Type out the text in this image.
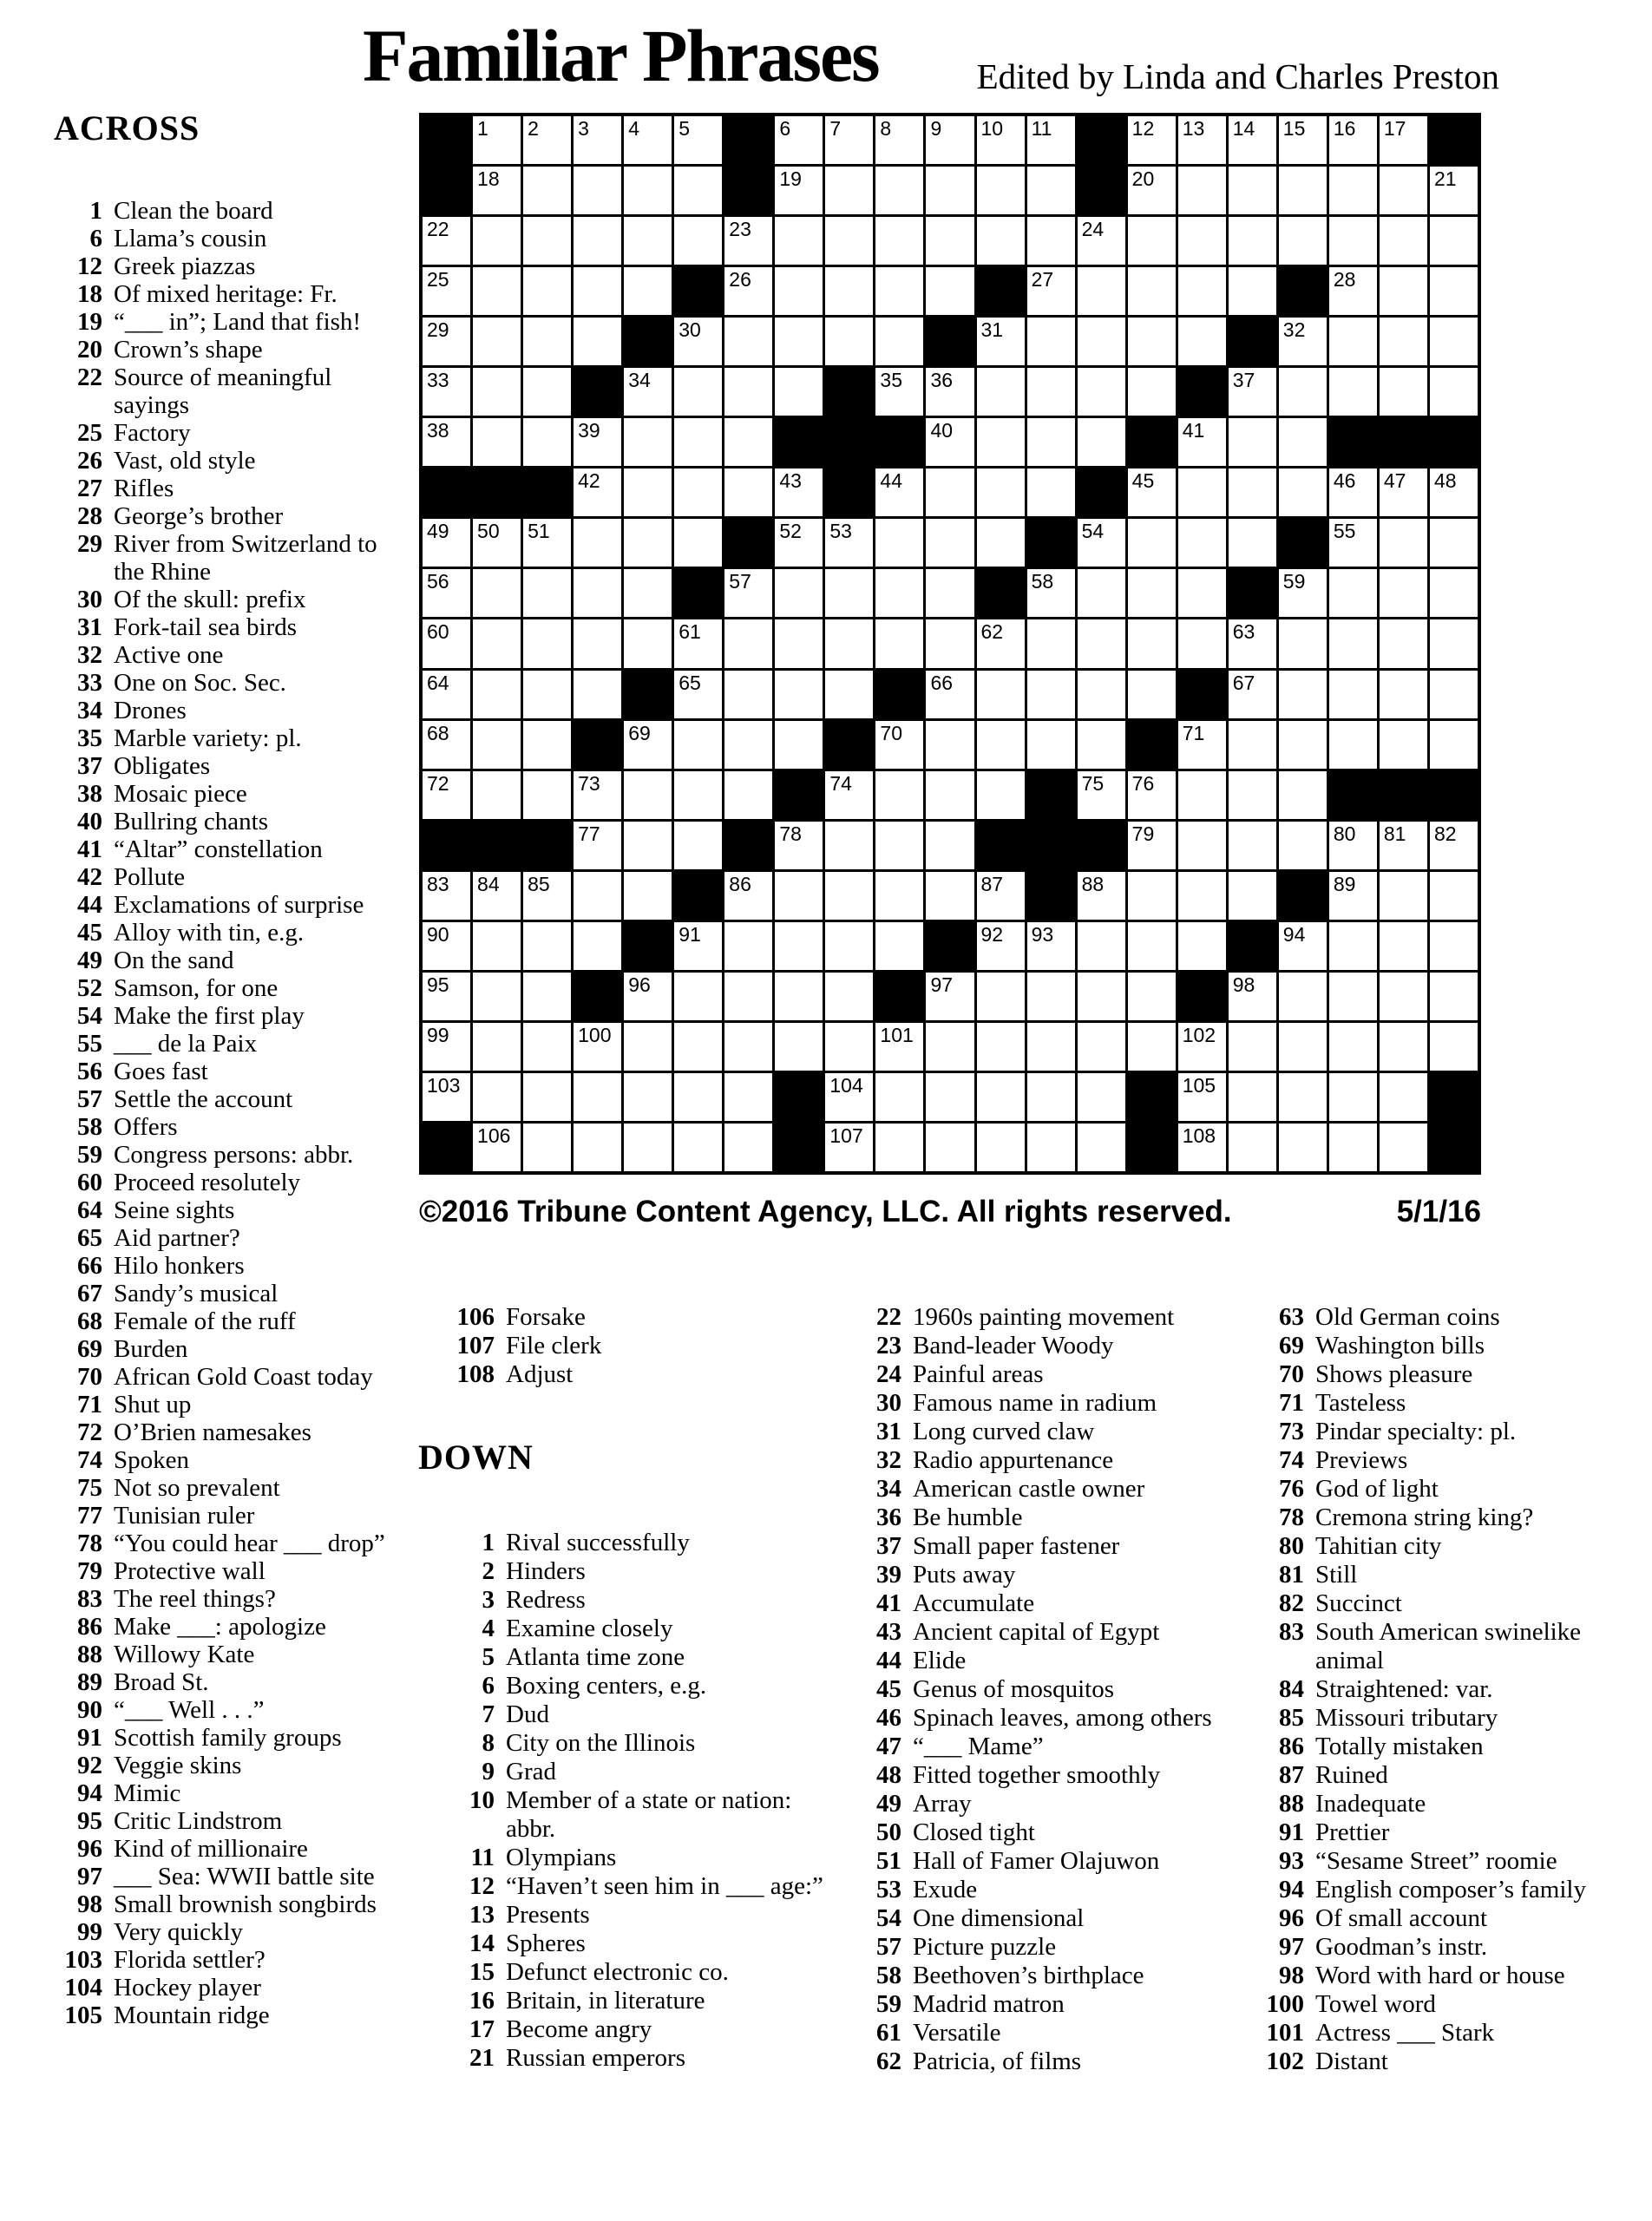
Familiar Phrases	Edited by Linda and Charles Preston
ACROSS
1 Clean the board
6 Llama’s cousin
12 Greek piazzas
18 Of mixed heritage: Fr.
19 “___ in”; Land that fish!
20 Crown’s shape
22 Source of meaningful sayings
25 Factory
26 Vast, old style
27 Rifles
28 George’s brother
29 River from Switzerland to the Rhine
30 Of the skull: prefix
31 Fork-tail sea birds
32 Active one
33 One on Soc. Sec.
34 Drones
35 Marble variety: pl.
37 Obligates
38 Mosaic piece
40 Bullring chants
41 “Altar” constellation
42 Pollute
44 Exclamations of surprise
45 Alloy with tin, e.g.
49 On the sand
52 Samson, for one
54 Make the first play
55 ___ de la Paix
56 Goes fast
57 Settle the account
58 Offers
59 Congress persons: abbr.
60 Proceed resolutely
64 Seine sights
65 Aid partner?
66 Hilo honkers
67 Sandy’s musical
68 Female of the ruff
69 Burden
70 African Gold Coast today
71 Shut up
72 O’Brien namesakes
74 Spoken
75 Not so prevalent
77 Tunisian ruler
78 “You could hear ___ drop”
79 Protective wall
83 The reel things?
86 Make ___: apologize
88 Willowy Kate
89 Broad St.
90 “___ Well . . .”
91 Scottish family groups
92 Veggie skins
94 Mimic
95 Critic Lindstrom
96 Kind of millionaire
97 ___ Sea: WWII battle site
98 Small brownish songbirds
99 Very quickly
103 Florida settler?
104 Hockey player
105 Mountain ridge
1 2 3 4 5	6 7 8 9 10 11	12 13 14 15 16 17
18	19	20	21
22	23	24
25	26	27	28
29	30	31	32
33	34	35 36	37
38	39	40	41
42	43	44	45	46 47 48
49 50 51	52 53	54	55
56	57	58	59
60	61	62	63
64	65	66	67
68	69	70	71
72	73	74	75 76
77	78	79	80 81 82
83 84 85	86	87	88	89
90	91	92 93	94
95	96	97	98
99	100	101	102
103	104	105
106	107	108
©2016 Tribune Content Agency, LLC. All rights reserved.	5/1/16
106 Forsake
107 File clerk
108 Adjust
DOWN
1 Rival successfully
2 Hinders
3 Redress
4 Examine closely
5 Atlanta time zone
6 Boxing centers, e.g.
7 Dud
8 City on the Illinois
9 Grad
10 Member of a state or nation: abbr.
11 Olympians
12 “Haven’t seen him in ___ age:”
13 Presents
14 Spheres
15 Defunct electronic co.
16 Britain, in literature
17 Become angry
21 Russian emperors
22 1960s painting movement
23 Band-leader Woody
24 Painful areas
30 Famous name in radium
31 Long curved claw
32 Radio appurtenance
34 American castle owner
36 Be humble
37 Small paper fastener
39 Puts away
41 Accumulate
43 Ancient capital of Egypt
44 Elide
45 Genus of mosquitos
46 Spinach leaves, among others
47 “___ Mame”
48 Fitted together smoothly
49 Array
50 Closed tight
51 Hall of Famer Olajuwon
53 Exude
54 One dimensional
57 Picture puzzle
58 Beethoven’s birthplace
59 Madrid matron
61 Versatile
62 Patricia, of films
63 Old German coins
69 Washington bills
70 Shows pleasure
71 Tasteless
73 Pindar specialty: pl.
74 Previews
76 God of light
78 Cremona string king?
80 Tahitian city
81 Still
82 Succinct
83 South American swinelike animal
84 Straightened: var.
85 Missouri tributary
86 Totally mistaken
87 Ruined
88 Inadequate
91 Prettier
93 “Sesame Street” roomie
94 English composer’s family
96 Of small account
97 Goodman’s instr.
98 Word with hard or house
100 Towel word
101 Actress ___ Stark
102 Distant
